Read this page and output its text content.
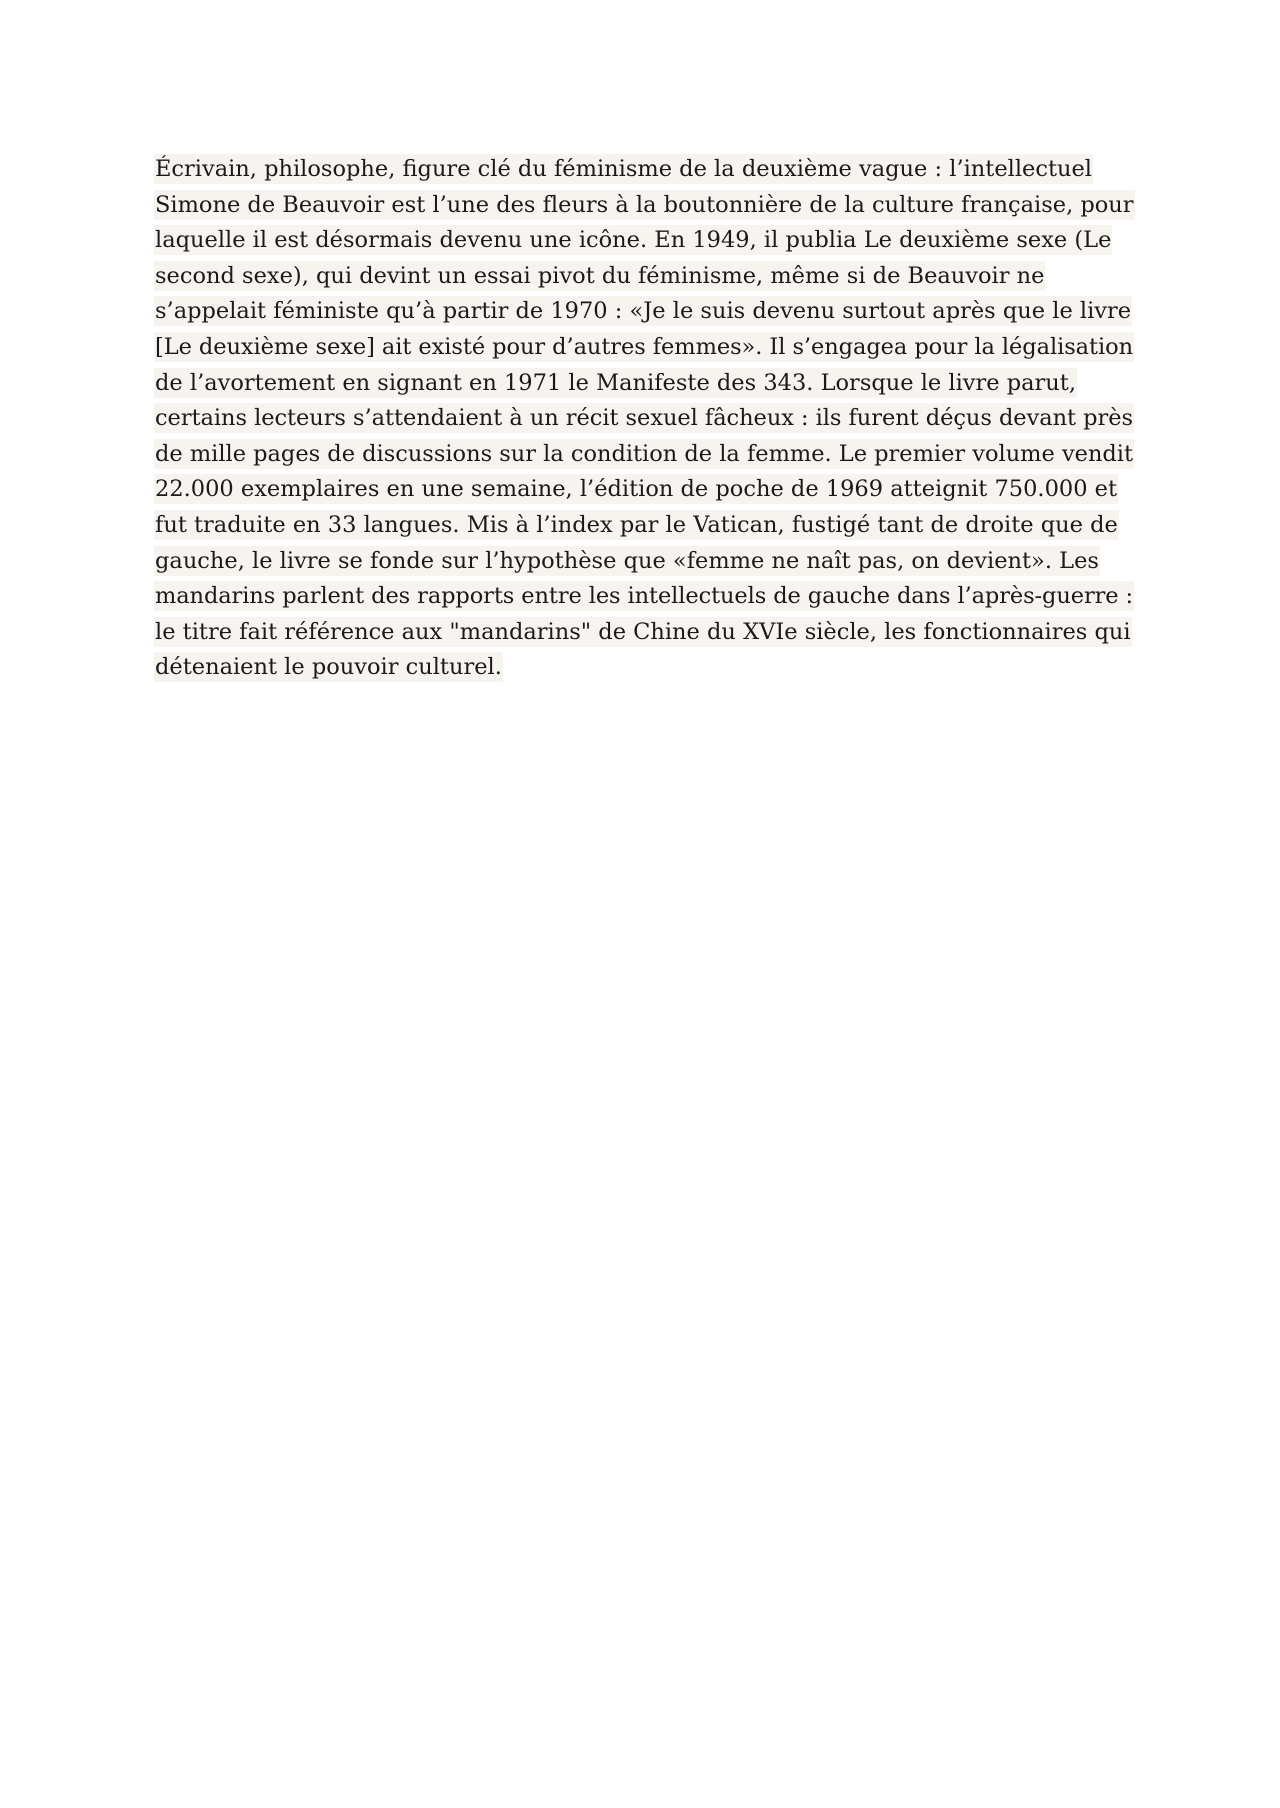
Écrivain, philosophe, figure clé du féminisme de la deuxième vague : l’intellectuel
Simone de Beauvoir est l’une des fleurs à la boutonnière de la culture française, pour
laquelle il est désormais devenu une icône. En 1949, il publia Le deuxième sexe (Le
second sexe), qui devint un essai pivot du féminisme, même si de Beauvoir ne
s’appelait féministe qu’à partir de 1970 : «Je le suis devenu surtout après que le livre
[Le deuxième sexe] ait existé pour d’autres femmes». Il s’engagea pour la légalisation
de l’avortement en signant en 1971 le Manifeste des 343. Lorsque le livre parut,
certains lecteurs s’attendaient à un récit sexuel fâcheux : ils furent déçus devant près
de mille pages de discussions sur la condition de la femme. Le premier volume vendit
22.000 exemplaires en une semaine, l’édition de poche de 1969 atteignit 750.000 et
fut traduite en 33 langues. Mis à l’index par le Vatican, fustigé tant de droite que de
gauche, le livre se fonde sur l’hypothèse que «femme ne naît pas, on devient». Les
mandarins parlent des rapports entre les intellectuels de gauche dans l’après-guerre :
le titre fait référence aux "mandarins" de Chine du XVIe siècle, les fonctionnaires qui
détenaient le pouvoir culturel.
